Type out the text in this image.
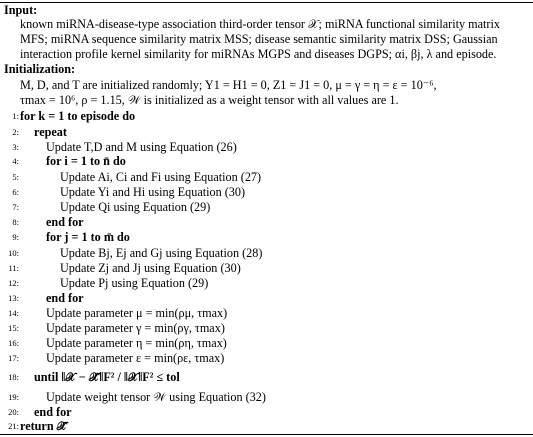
Input:
known miRNA-disease-type association third-order tensor 𝒳; miRNA functional similarity matrix
MFS; miRNA sequence similarity matrix MSS; disease semantic similarity matrix DSS; Gaussian
interaction profile kernel similarity for miRNAs MGPS and diseases DGPS; αi, βj, λ and episode.
Initialization:
M, D, and T are initialized randomly; Y1 = H1 = 0, Z1 = J1 = 0, μ = γ = η = ε = 10⁻⁶,
τmax = 10⁶, ρ = 1.15, 𝒲 is initialized as a weight tensor with all values are 1.
1: for k = 1 to episode do
2: repeat
3: Update T,D and M using Equation (26)
4: for i = 1 to n̄ do
5:	Update Ai, Ci and Fi using Equation (27)
6:	Update Yi and Hi using Equation (30)
7:	Update Qi using Equation (29)
8: end for
9: for j = 1 to m̄ do
10:	Update Bj, Ej and Gj using Equation (28)
11:	Update Zj and Jj using Equation (30)
12:	Update Pj using Equation (29)
13: end for
14: Update parameter μ = min(ρμ, τmax)
15: Update parameter γ = min(ργ, τmax)
16: Update parameter η = min(ρη, τmax)
17: Update parameter ε = min(ρε, τmax)
18: until ‖𝒳 − 𝒳̂‖F² / ‖𝒳‖F² ≤ tol
19: Update weight tensor 𝒲 using Equation (32)
20: end for
21: return 𝒳̂
